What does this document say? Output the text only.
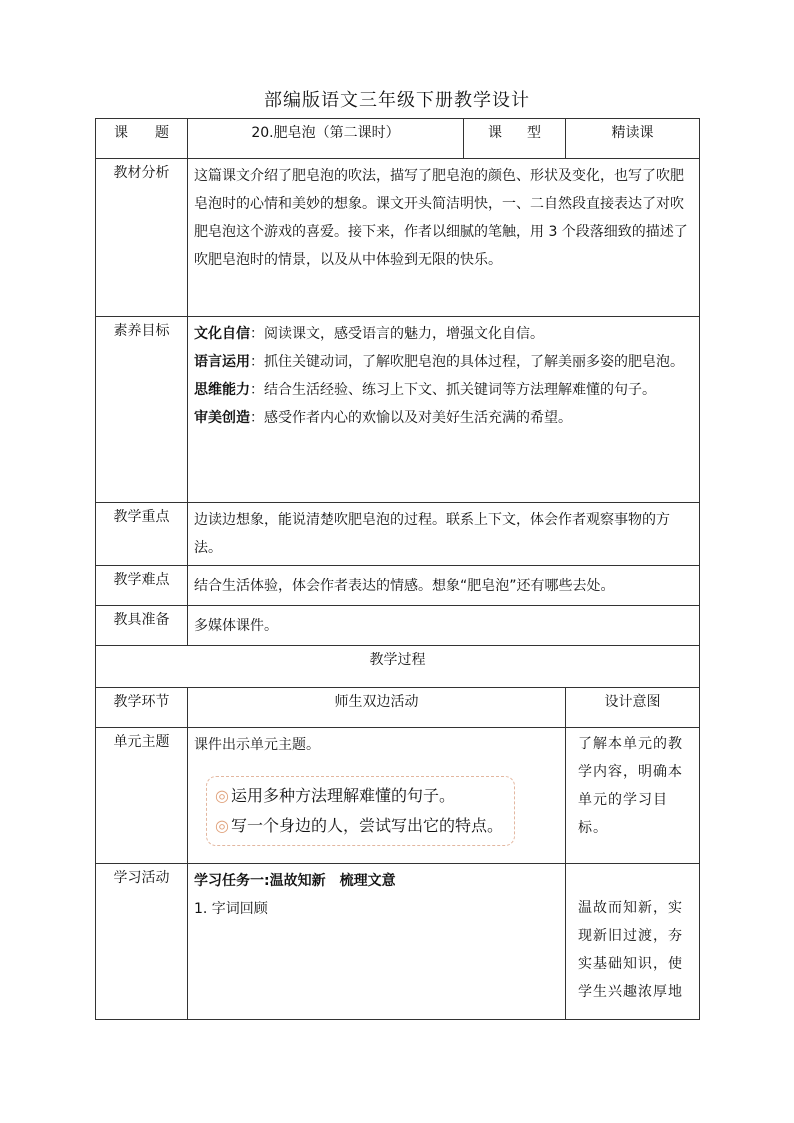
部编版语文三年级下册教学设计
课 题	20.肥皂泡（第二课时）	课 型	精读课
教材分析	这篇课文介绍了肥皂泡的吹法，描写了肥皂泡的颜色、形状及变化，也写了吹肥皂泡时的心情和美妙的想象。课文开头简洁明快，一、二自然段直接表达了对吹肥皂泡这个游戏的喜爱。接下来，作者以细腻的笔触，用 3 个段落细致的描述了吹肥皂泡时的情景，以及从中体验到无限的快乐。		

素养目标	文化自信：阅读课文，感受语言的魅力，增强文化自信。
语言运用：抓住关键动词，了解吹肥皂泡的具体过程，了解美丽多姿的肥皂泡。
思维能力：结合生活经验、练习上下文、抓关键词等方法理解难懂的句子。
审美创造：感受作者内心的欢愉以及对美好生活充满的希望。		

教学重点	边读边想象，能说清楚吹肥皂泡的过程。联系上下文，体会作者观察事物的方法。		

教学难点	结合生活体验，体会作者表达的情感。想象“肥皂泡”还有哪些去处。		
教具准备	多媒体课件。		
教学过程			
教学环节	师生双边活动		设计意图
单元主题	课件出示单元主题。
◎ 运用多种方法理解难懂的句子。
◎ 写一个身边的人，尝试写出它的特点。		了解本单元的教学内容，明确本单元的学习目标。

学习活动	学习任务一:温故知新　梳理文意
1. 字词回顾		温故而知新，实现新旧过渡，夯实基础知识，使学生兴趣浓厚地
